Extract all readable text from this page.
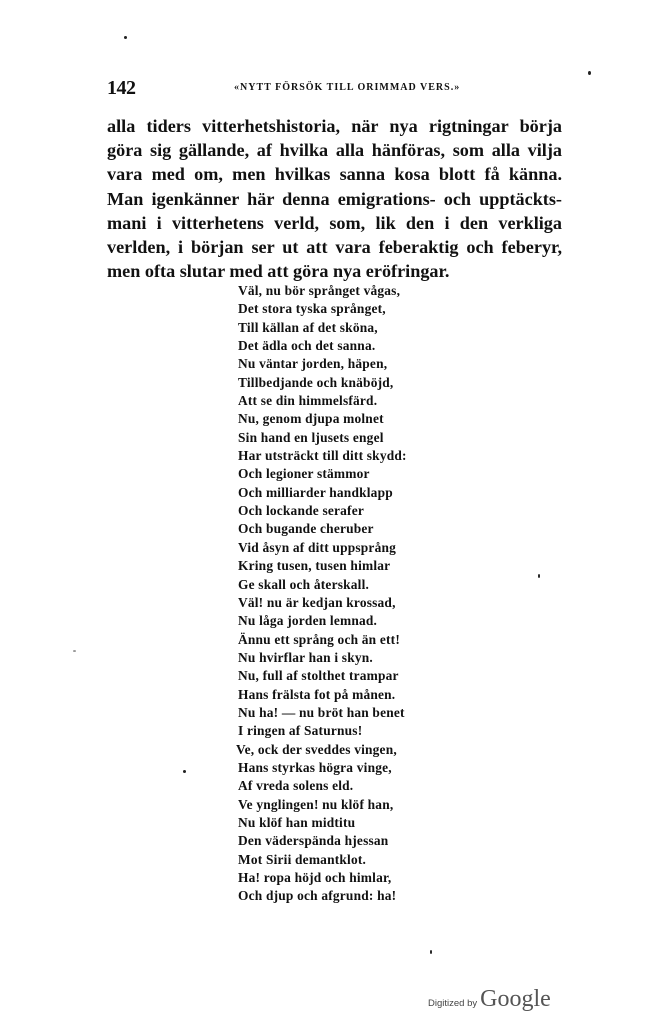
142	«NYTT FÖRSÖK TILL ORIMMAD VERS.»
alla tiders vitterhetshistoria, när nya rigtningar börja
göra sig gällande, af hvilka alla hänföras, som alla vilja
vara med om, men hvilkas sanna kosa blott få känna.
Man igenkänner här denna emigrations- och upptäckts-
mani i vitterhetens verld, som, lik den i den verkliga
verlden, i början ser ut att vara feberaktig och feberyr,
men ofta slutar med att göra nya eröfringar.
Väl, nu bör språnget vågas,
Det stora tyska språnget,
Till källan af det sköna,
Det ädla och det sanna.
Nu väntar jorden, häpen,
Tillbedjande och knäböjd,
Att se din himmelsfärd.
Nu, genom djupa molnet
Sin hand en ljusets engel
Har utsträckt till ditt skydd:
Och legioner stämmor
Och milliarder handklapp
Och lockande serafer
Och bugande cheruber
Vid åsyn af ditt uppsprång
Kring tusen, tusen himlar
Ge skall och återskall.
Väl! nu är kedjan krossad,
Nu låga jorden lemnad.
Ännu ett språng och än ett!
Nu hvirflar han i skyn.
Nu, full af stolthet trampar
Hans frälsta fot på månen.
Nu ha! — nu bröt han benet
I ringen af Saturnus!
Ve, ock der sveddes vingen,
Hans styrkas högra vinge,
Af vreda solens eld.
Ve ynglingen! nu klöf han,
Nu klöf han midtitu
Den väderspända hjessan
Mot Sirii demantklot.
Ha! ropa höjd och himlar,
Och djup och afgrund: ha!
Digitized by Google
